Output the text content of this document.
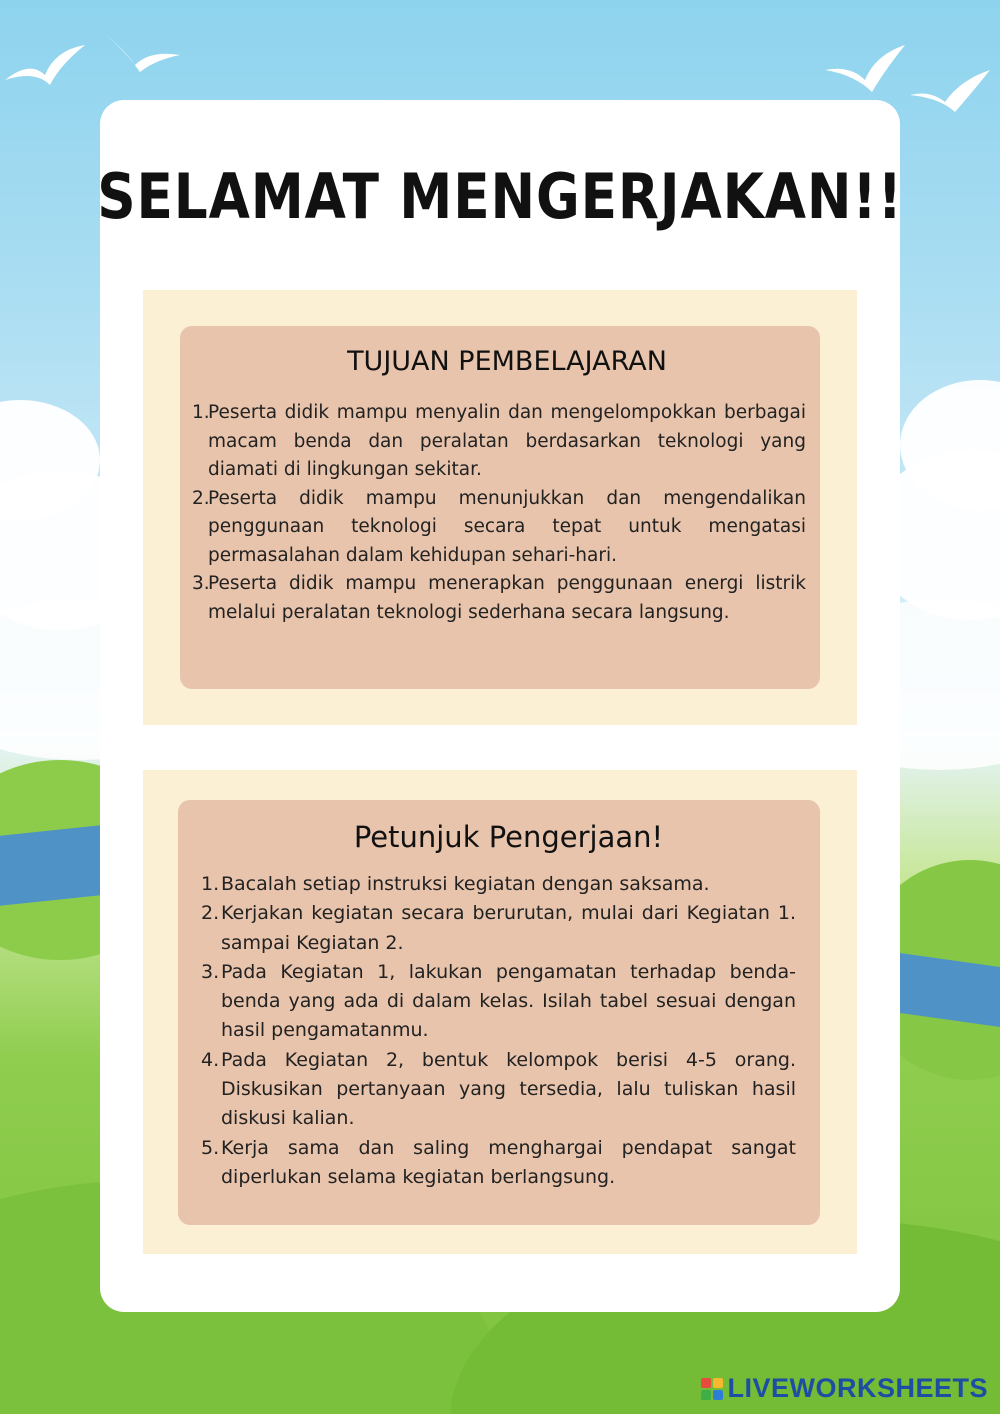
SELAMAT MENGERJAKAN!!
TUJUAN PEMBELAJARAN
1.
Peserta didik mampu menyalin dan mengelompokkan berbagai macam benda dan peralatan berdasarkan teknologi yang diamati di lingkungan sekitar.
2.
Peserta didik mampu menunjukkan dan mengendalikan penggunaan teknologi secara tepat untuk mengatasi permasalahan dalam kehidupan sehari-hari.
3.
Peserta didik mampu menerapkan penggunaan energi listrik melalui peralatan teknologi sederhana secara langsung.
Petunjuk Pengerjaan!
1. Bacalah setiap instruksi kegiatan dengan saksama.
2. Kerjakan kegiatan secara berurutan, mulai dari Kegiatan 1. sampai Kegiatan 2.
3. Pada Kegiatan 1, lakukan pengamatan terhadap benda-benda yang ada di dalam kelas. Isilah tabel sesuai dengan hasil pengamatanmu.
4. Pada Kegiatan 2, bentuk kelompok berisi 4-5 orang. Diskusikan pertanyaan yang tersedia, lalu tuliskan hasil diskusi kalian.
5. Kerja sama dan saling menghargai pendapat sangat diperlukan selama kegiatan berlangsung.
LIVEWORKSHEETS
